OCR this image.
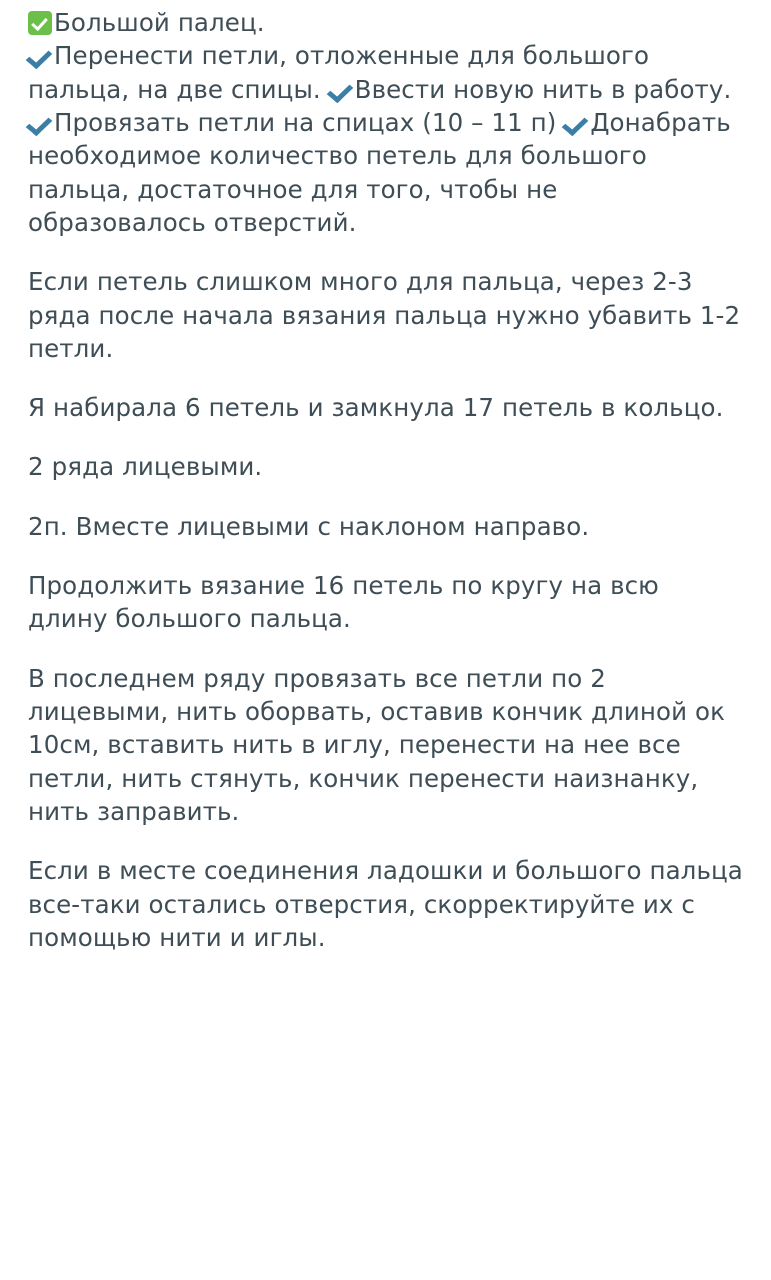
Большой палец.
Перенести петли, отложенные для большого пальца, на две спицы. Ввести новую нить в работу. Провязать петли на спицах (10 – 11 п) Донабрать необходимое количество петель для большого пальца, достаточное для того, чтобы не образовалось отверстий.

Если петель слишком много для пальца, через 2-3 ряда после начала вязания пальца нужно убавить 1-2 петли.

Я набирала 6 петель и замкнула 17 петель в кольцо.

2 ряда лицевыми.

2п. Вместе лицевыми с наклоном направо.

Продолжить вязание 16 петель по кругу на всю длину большого пальца.

В последнем ряду провязать все петли по 2 лицевыми, нить оборвать, оставив кончик длиной ок 10см, вставить нить в иглу, перенести на нее все петли, нить стянуть, кончик перенести наизнанку, нить заправить.

Если в месте соединения ладошки и большого пальца все-таки остались отверстия, скорректируйте их с помощью нити и иглы.
